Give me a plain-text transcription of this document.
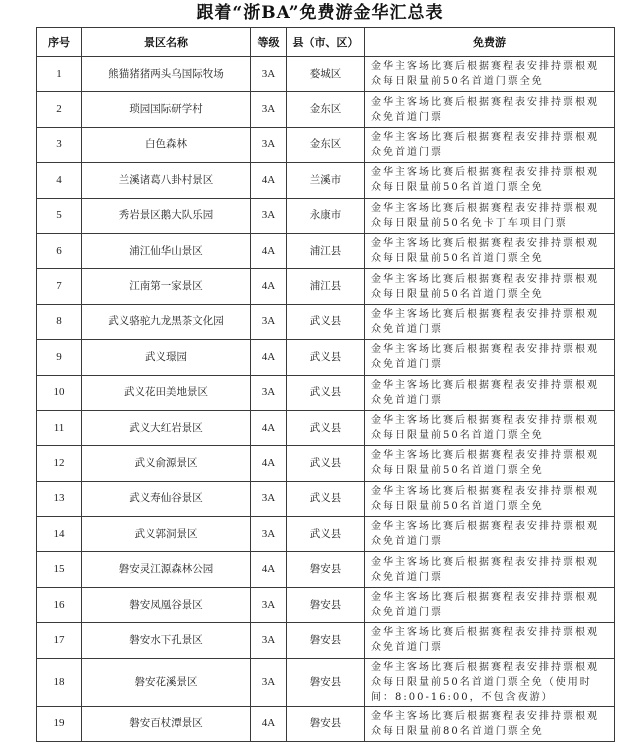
跟着“浙BA”免费游金华汇总表
序号	景区名称	等级	县（市、区）	免费游
1	熊猫猪猪两头乌国际牧场	3A	婺城区	金华主客场比赛后根据赛程表安排持票根观众每日限量前50名首道门票全免
2	琐园国际研学村	3A	金东区	金华主客场比赛后根据赛程表安排持票根观众免首道门票
3	白色森林	3A	金东区	金华主客场比赛后根据赛程表安排持票根观众免首道门票
4	兰溪诸葛八卦村景区	4A	兰溪市	金华主客场比赛后根据赛程表安排持票根观众每日限量前50名首道门票全免
5	秀岩景区鹅大队乐园	3A	永康市	金华主客场比赛后根据赛程表安排持票根观众每日限量前50名免卡丁车项目门票
6	浦江仙华山景区	4A	浦江县	金华主客场比赛后根据赛程表安排持票根观众每日限量前50名首道门票全免
7	江南第一家景区	4A	浦江县	金华主客场比赛后根据赛程表安排持票根观众每日限量前50名首道门票全免
8	武义骆驼九龙黑茶文化园	3A	武义县	金华主客场比赛后根据赛程表安排持票根观众免首道门票
9	武义璟园	4A	武义县	金华主客场比赛后根据赛程表安排持票根观众免首道门票
10	武义花田美地景区	3A	武义县	金华主客场比赛后根据赛程表安排持票根观众免首道门票
11	武义大红岩景区	4A	武义县	金华主客场比赛后根据赛程表安排持票根观众每日限量前50名首道门票全免
12	武义俞源景区	4A	武义县	金华主客场比赛后根据赛程表安排持票根观众每日限量前50名首道门票全免
13	武义寿仙谷景区	3A	武义县	金华主客场比赛后根据赛程表安排持票根观众每日限量前50名首道门票全免
14	武义郭洞景区	3A	武义县	金华主客场比赛后根据赛程表安排持票根观众免首道门票
15	磐安灵江源森林公园	4A	磐安县	金华主客场比赛后根据赛程表安排持票根观众免首道门票
16	磐安凤凰谷景区	3A	磐安县	金华主客场比赛后根据赛程表安排持票根观众免首道门票
17	磐安水下孔景区	3A	磐安县	金华主客场比赛后根据赛程表安排持票根观众免首道门票
18	磐安花溪景区	3A	磐安县	金华主客场比赛后根据赛程表安排持票根观众每日限量前50名首道门票全免（使用时间：8:00-16:00，不包含夜游）
19	磐安百杖潭景区	4A	磐安县	金华主客场比赛后根据赛程表安排持票根观众每日限量前80名首道门票全免
